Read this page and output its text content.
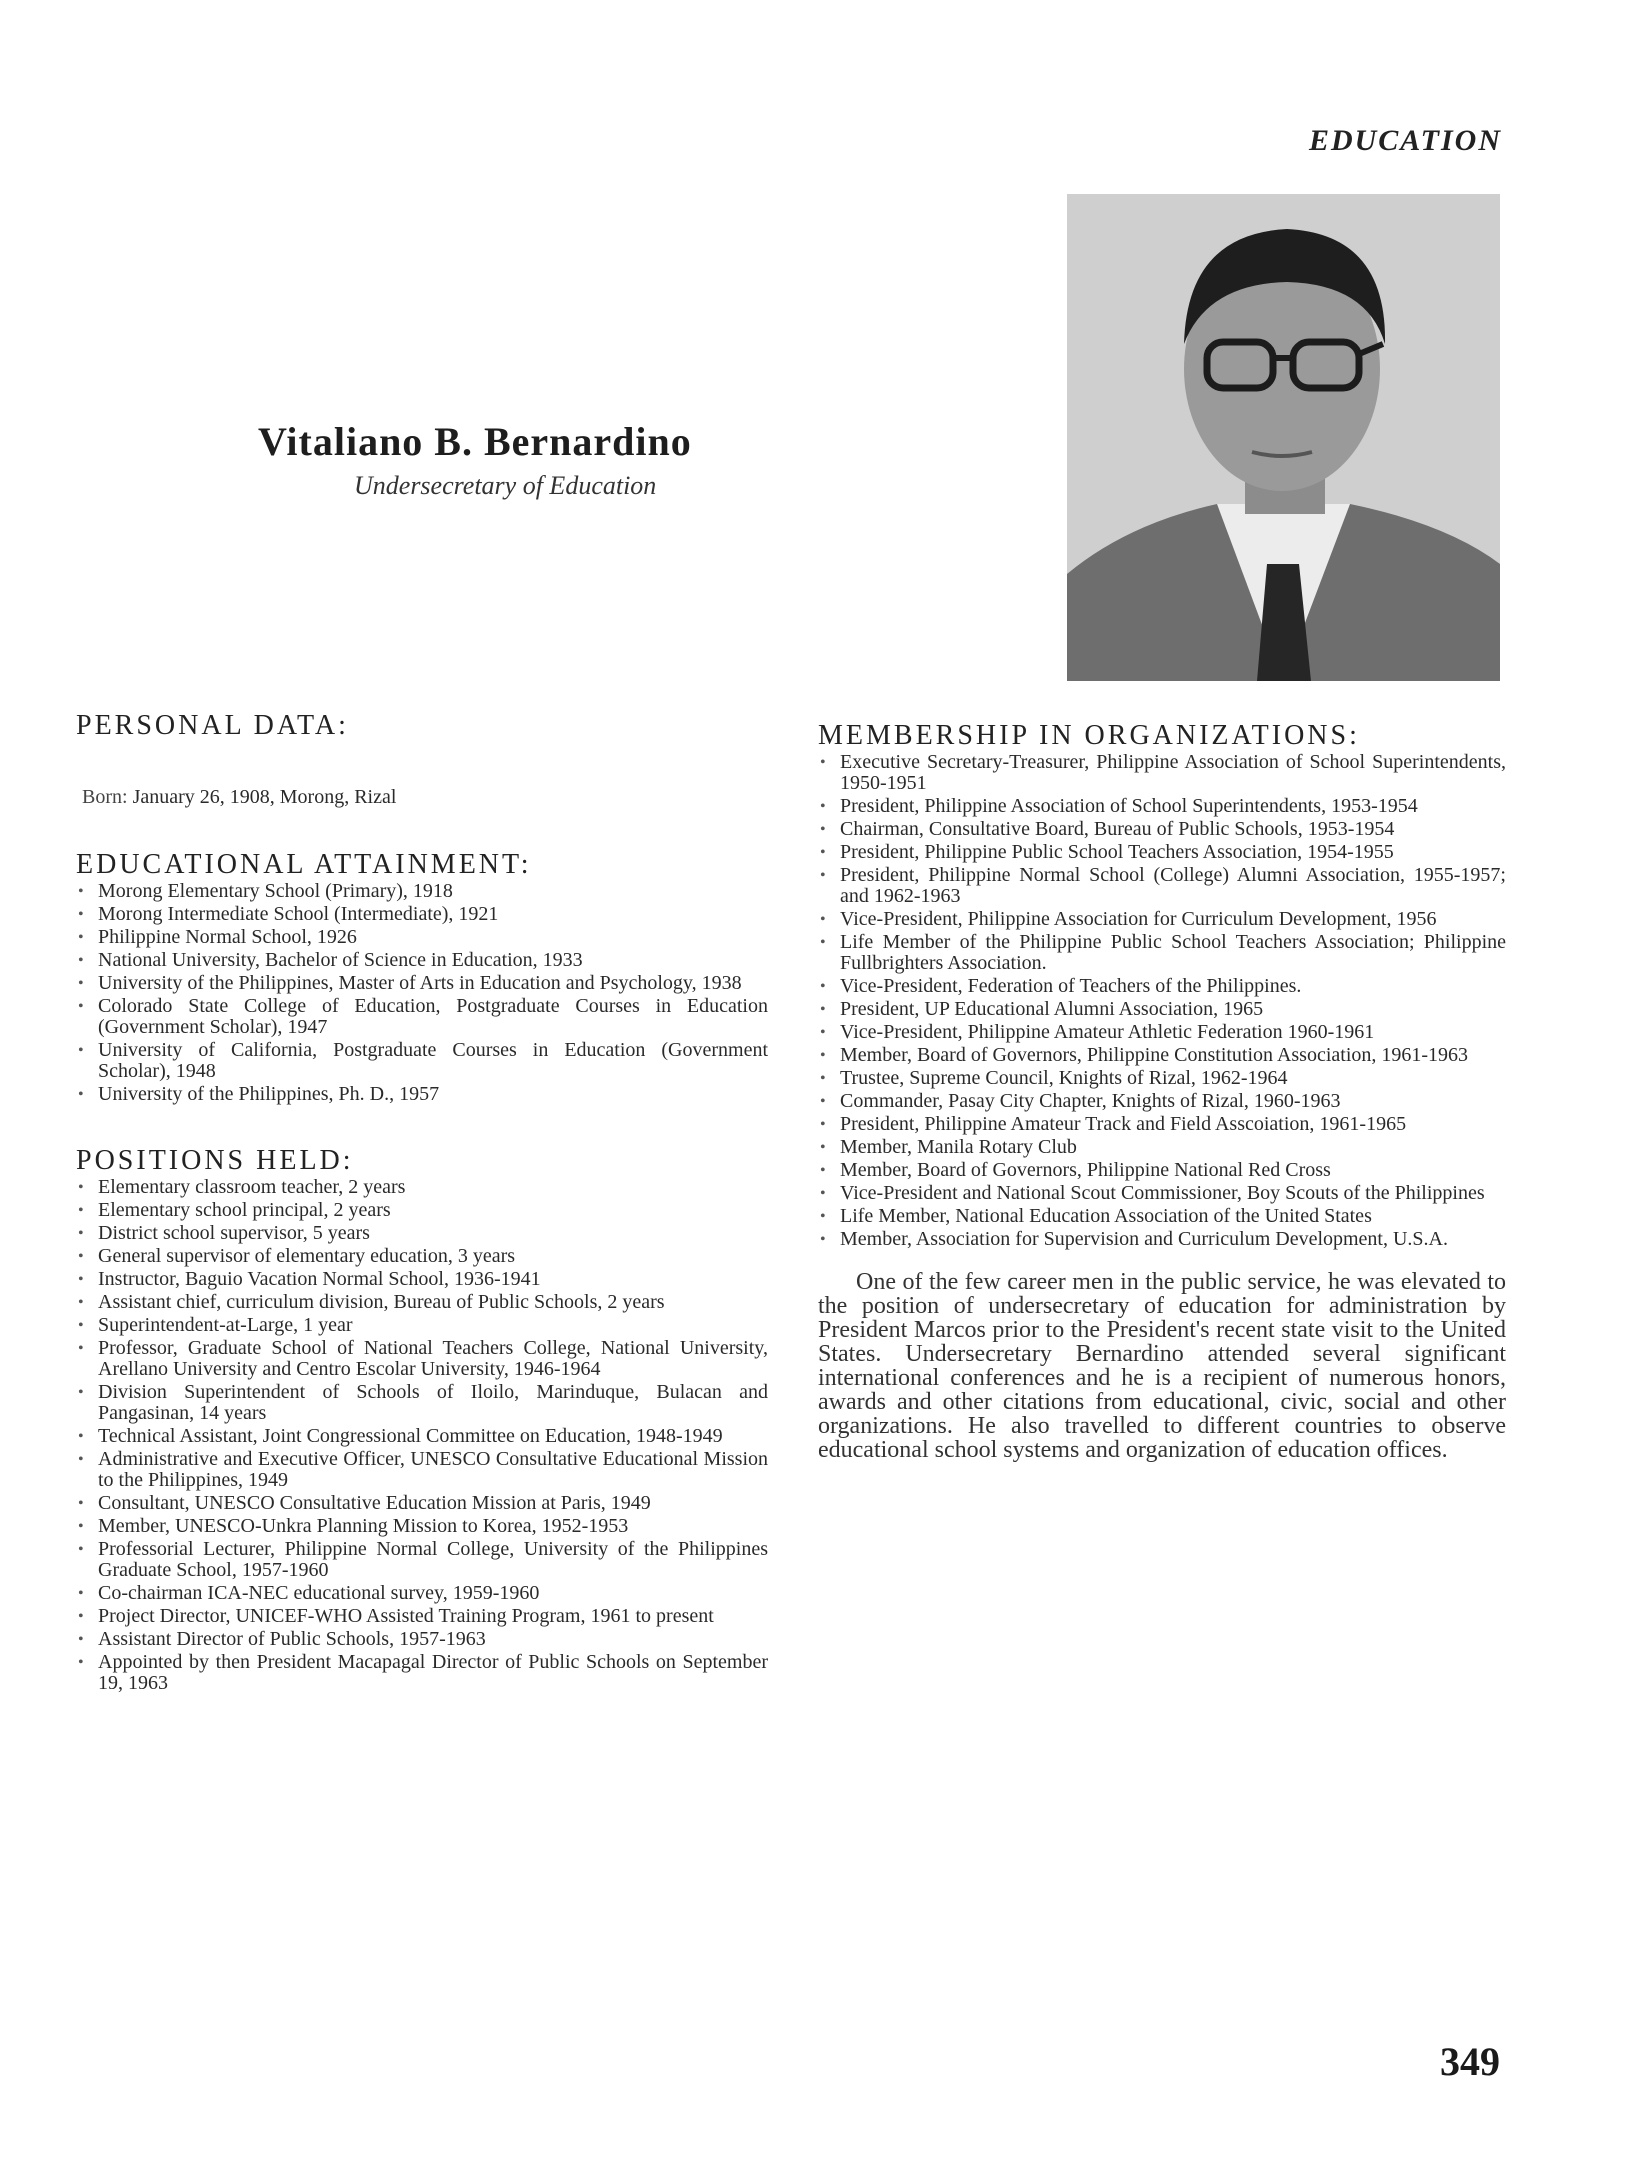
EDUCATION
Vitaliano B. Bernardino
Undersecretary of Education
PERSONAL DATA:
Born: January 26, 1908, Morong, Rizal
EDUCATIONAL ATTAINMENT:
• Morong Elementary School (Primary), 1918
• Morong Intermediate School (Intermediate), 1921
• Philippine Normal School, 1926
• National University, Bachelor of Science in Education, 1933
• University of the Philippines, Master of Arts in Education and Psychology, 1938
• Colorado State College of Education, Postgraduate Courses in Education (Government Scholar), 1947
• University of California, Postgraduate Courses in Education (Government Scholar), 1948
• University of the Philippines, Ph. D., 1957
POSITIONS HELD:
• Elementary classroom teacher, 2 years
• Elementary school principal, 2 years
• District school supervisor, 5 years
• General supervisor of elementary education, 3 years
• Instructor, Baguio Vacation Normal School, 1936-1941
• Assistant chief, curriculum division, Bureau of Public Schools, 2 years
• Superintendent-at-Large, 1 year
• Professor, Graduate School of National Teachers College, National University, Arellano University and Centro Escolar University, 1946-1964
• Division Superintendent of Schools of Iloilo, Marinduque, Bulacan and Pangasinan, 14 years
• Technical Assistant, Joint Congressional Committee on Education, 1948-1949
• Administrative and Executive Officer, UNESCO Consultative Educational Mission to the Philippines, 1949
• Consultant, UNESCO Consultative Education Mission at Paris, 1949
• Member, UNESCO-Unkra Planning Mission to Korea, 1952-1953
• Professorial Lecturer, Philippine Normal College, University of the Philippines Graduate School, 1957-1960
• Co-chairman ICA-NEC educational survey, 1959-1960
• Project Director, UNICEF-WHO Assisted Training Program, 1961 to present
• Assistant Director of Public Schools, 1957-1963
• Appointed by then President Macapagal Director of Public Schools on September 19, 1963
MEMBERSHIP IN ORGANIZATIONS:
• Executive Secretary-Treasurer, Philippine Association of School Superintendents, 1950-1951
• President, Philippine Association of School Superintendents, 1953-1954
• Chairman, Consultative Board, Bureau of Public Schools, 1953-1954
• President, Philippine Public School Teachers Association, 1954-1955
• President, Philippine Normal School (College) Alumni Association, 1955-1957; and 1962-1963
• Vice-President, Philippine Association for Curriculum Development, 1956
• Life Member of the Philippine Public School Teachers Association; Philippine Fullbrighters Association.
• Vice-President, Federation of Teachers of the Philippines.
• President, UP Educational Alumni Association, 1965
• Vice-President, Philippine Amateur Athletic Federation 1960-1961
• Member, Board of Governors, Philippine Constitution Association, 1961-1963
• Trustee, Supreme Council, Knights of Rizal, 1962-1964
• Commander, Pasay City Chapter, Knights of Rizal, 1960-1963
• President, Philippine Amateur Track and Field Asscoiation, 1961-1965
• Member, Manila Rotary Club
• Member, Board of Governors, Philippine National Red Cross
• Vice-President and National Scout Commissioner, Boy Scouts of the Philippines
• Life Member, National Education Association of the United States
• Member, Association for Supervision and Curriculum Development, U.S.A.

One of the few career men in the public service, he was elevated to the position of undersecretary of education for administration by President Marcos prior to the President's recent state visit to the United States. Undersecretary Bernardino attended several significant international conferences and he is a recipient of numerous honors, awards and other citations from educational, civic, social and other organizations. He also travelled to different countries to observe educational school systems and organization of education offices.

349
